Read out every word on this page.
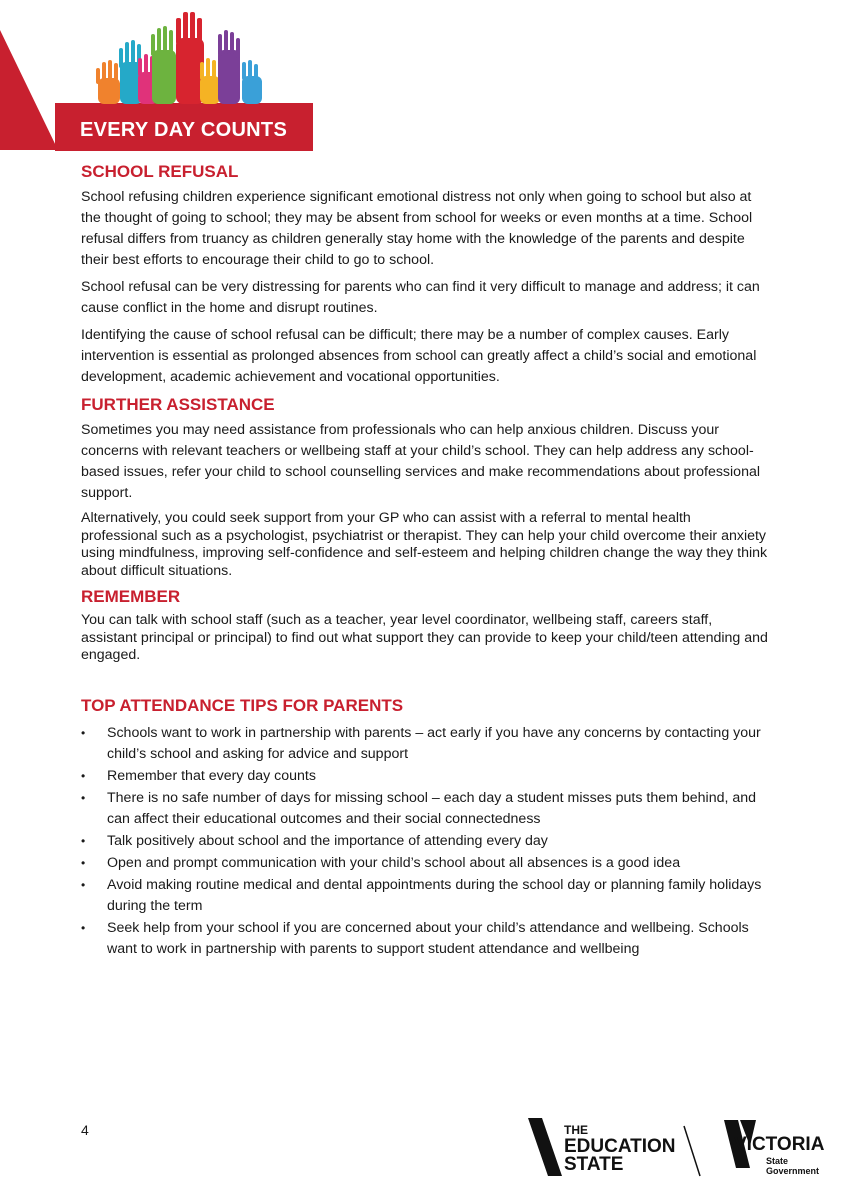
EVERY DAY COUNTS
SCHOOL REFUSAL

School refusing children experience significant emotional distress not only when going to school but also at the thought of going to school; they may be absent from school for weeks or even months at a time. School refusal differs from truancy as children generally stay home with the knowledge of the parents and despite their best efforts to encourage their child to go to school.

School refusal can be very distressing for parents who can find it very difficult to manage and address; it can cause conflict in the home and disrupt routines.

Identifying the cause of school refusal can be difficult; there may be a number of complex causes. Early intervention is essential as prolonged absences from school can greatly affect a child’s social and emotional development, academic achievement and vocational opportunities.

FURTHER ASSISTANCE

Sometimes you may need assistance from professionals who can help anxious children. Discuss your concerns with relevant teachers or wellbeing staff at your child’s school. They can help address any school-based issues, refer your child to school counselling services and make recommendations about professional support.

Alternatively, you could seek support from your GP who can assist with a referral to mental health professional such as a psychologist, psychiatrist or therapist. They can help your child overcome their anxiety using mindfulness, improving self-confidence and self-esteem and helping children change the way they think about difficult situations.

REMEMBER

You can talk with school staff (such as a teacher, year level coordinator, wellbeing staff, careers staff, assistant principal or principal) to find out what support they can provide to keep your child/teen attending and engaged.

TOP ATTENDANCE TIPS FOR PARENTS
• Schools want to work in partnership with parents – act early if you have any concerns by contacting your child’s school and asking for advice and support
• Remember that every day counts
• There is no safe number of days for missing school – each day a student misses puts them behind, and can affect their educational outcomes and their social connectedness
• Talk positively about school and the importance of attending every day
• Open and prompt communication with your child’s school about all absences is a good idea
• Avoid making routine medical and dental appointments during the school day or planning family holidays during the term
• Seek help from your school if you are concerned about your child’s attendance and wellbeing. Schools want to work in partnership with parents to support student attendance and wellbeing
4	THE
EDUCATION
STATE
VICTORIA
State
Government
